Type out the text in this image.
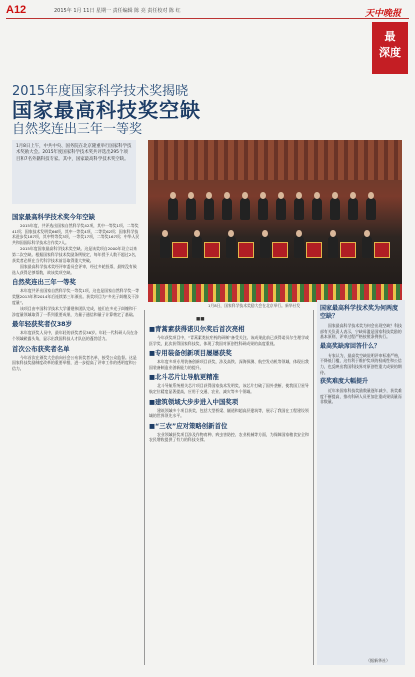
A12	2015年 1月 11日 星期一 责任编辑 陈 亮 责任校对 陈 红	天中晚报
最
深度
2015年度国家科学技术奖揭晓
国家最高科技奖空缺
自然奖连出三年一等奖
1月8日上午，中共中央、国务院在北京隆重举行国家科学技术奖励大会。2015年度国家科学技术奖共评选出295个项目和7名外籍科技专家。其中，国家最高科学技术奖空缺。
1月8日，国家科学技术奖励大会在北京举行。新华社发
国家最高科学技术奖今年空缺

2015年度，共评选出国家自然科学奖42项，其中一等奖1项、二等奖41项；国家技术发明奖66项，其中一等奖4项、二等奖62项；国家科学技术进步奖187项，其中特等奖3项，一等奖17项，二等奖167项；中华人民共和国国际科学技术合作奖7人。

2015年度国家最高科学技术奖空缺。这是该奖项自2000年设立以来第二次空缺。根据国家科学技术奖励条例规定，每年授予人数不超过2名，获奖者必须在当代科学技术前沿取得重大突破。

国家最高科学技术奖经评审委员会评审，经过多轮投票，最终没有候选人获得足够票数，故该奖项空缺。

自然奖连出三年一等奖

本年度共评出国家自然科学奖一等奖1项，这也是国家自然科学奖一等奖继2013年和2014年后连续第三年颁出。获奖项目为“多光子纠缠及干涉度量”。

该项目由中国科学技术大学潘建伟团队完成，他们在多光子纠缠和干涉度量领域取得了一系列重要成果，为量子通信和量子计算奠定了基础。

最年轻获奖者仅38岁

本年度获奖人员中，最年轻的获奖者仅38岁。年轻一代科研人员在各个领域崭露头角，显示出我国科技人才队伍的蓬勃活力。

首次公布获奖者名单

今年首次在颁奖大会前向社会公布获奖者名单，接受公众监督。这是国家科技奖励制度改革的重要举措，进一步提高了评审工作的透明度和公信力。

■青蒿素获得诺贝尔奖后首次亮相

今年获奖项目中，“青蒿素类抗疟药的研制”备受关注。该成果此前已获得诺贝尔生理学或医学奖，此次获得国家科技奖，体现了我国对原创性科研成果的高度重视。

■专用装备创新项目屡屡获奖

本年度多项专用装备创新项目获奖，涉及高铁、深海探测、航空发动机等领域，体现出我国装备制造业创新能力的提升。

■北斗芯片让导航更精准

北斗导航系统相关芯片项目获得国家技术发明奖，该芯片打破了国外垄断，使我国卫星导航定位精度显著提高，应用于交通、农业、减灾等多个领域。

■建筑领域大步步进入中国奖项

建筑领域多个项目获奖，包括大型桥梁、隧道和超高层建筑等，展示了我国在工程建设领域的世界领先水平。

■“三农”应对策略创新首位

农业领域获奖项目涉及作物育种、病虫害防控、农业机械等方面，为保障国家粮食安全和农民增收提供了有力的科技支撑。

■■
国家最高科学技术奖为何两度空缺？

国家最高科学技术奖为何会出现空缺？科技部有关负责人表示，宁缺毋滥是国家科技奖励的基本原则，评审过程严格按照条例执行。

最高奖缺席回答什么？

专家认为，最高奖空缺说明评审标准严格，不降低门槛，这有利于维护奖项的权威性和公信力，也反映出我国科技界对原创性重大成果的期待。

获奖难度大幅提升

近年来国家科技奖励数量逐年减少，获奖难度不断提高，推动科研人员更加注重成果质量而非数量。

（据新华社）
